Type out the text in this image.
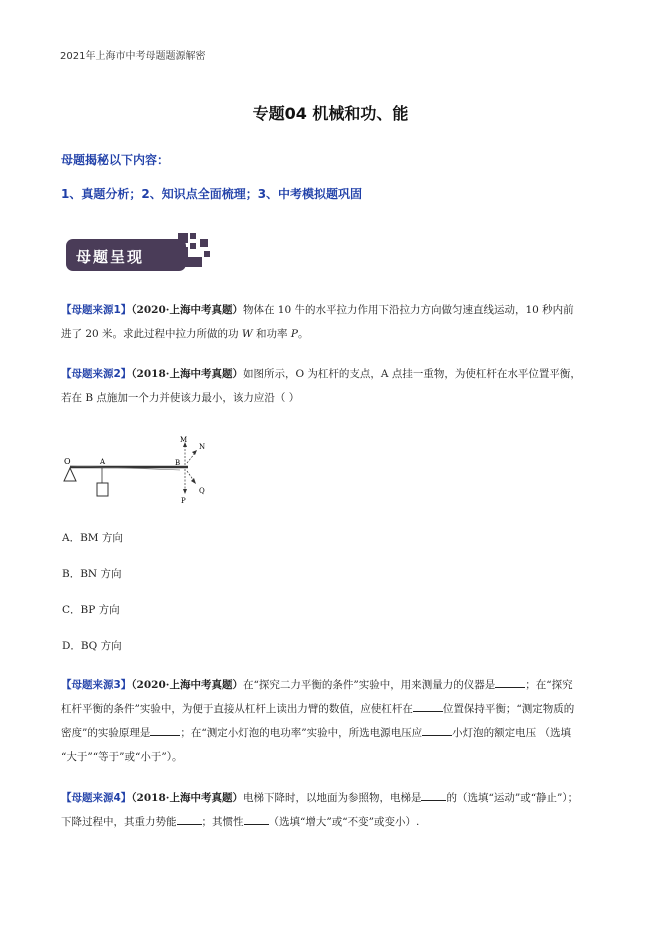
2021年上海市中考母题题源解密
专题04 机械和功、能
母题揭秘以下内容：
1、真题分析；2、知识点全面梳理；3、中考模拟题巩固
母题呈现
【母题来源1】（2020·上海中考真题）物体在 10 牛的水平拉力作用下沿拉力方向做匀速直线运动，10 秒内前
进了 20 米。求此过程中拉力所做的功 W 和功率 P。
【母题来源2】（2018·上海中考真题）如图所示，O 为杠杆的支点，A 点挂一重物，为使杠杆在水平位置平衡，
若在 B 点施加一个力并使该力最小，该力应沿（ ）
O	A	B
M
N
P
Q
A．BM 方向
B．BN 方向
C．BP 方向
D．BQ 方向
【母题来源3】（2020·上海中考真题）在“探究二力平衡的条件”实验中，用来测量力的仪器是	；在“探究
杠杆平衡的条件”实验中，为便于直接从杠杆上读出力臂的数值，应使杠杆在	位置保持平衡；“测定物质的
密度”的实验原理是	；在“测定小灯泡的电功率”实验中，所选电源电压应	小灯泡的额定电压 （选填
“大于”“等于”或“小于”）。
【母题来源4】（2018·上海中考真题）电梯下降时，以地面为参照物，电梯是 的（选填“运动”或“静止”）；
下降过程中，其重力势能 ；其惯性 （选填“增大”或“不变”或变小）.
